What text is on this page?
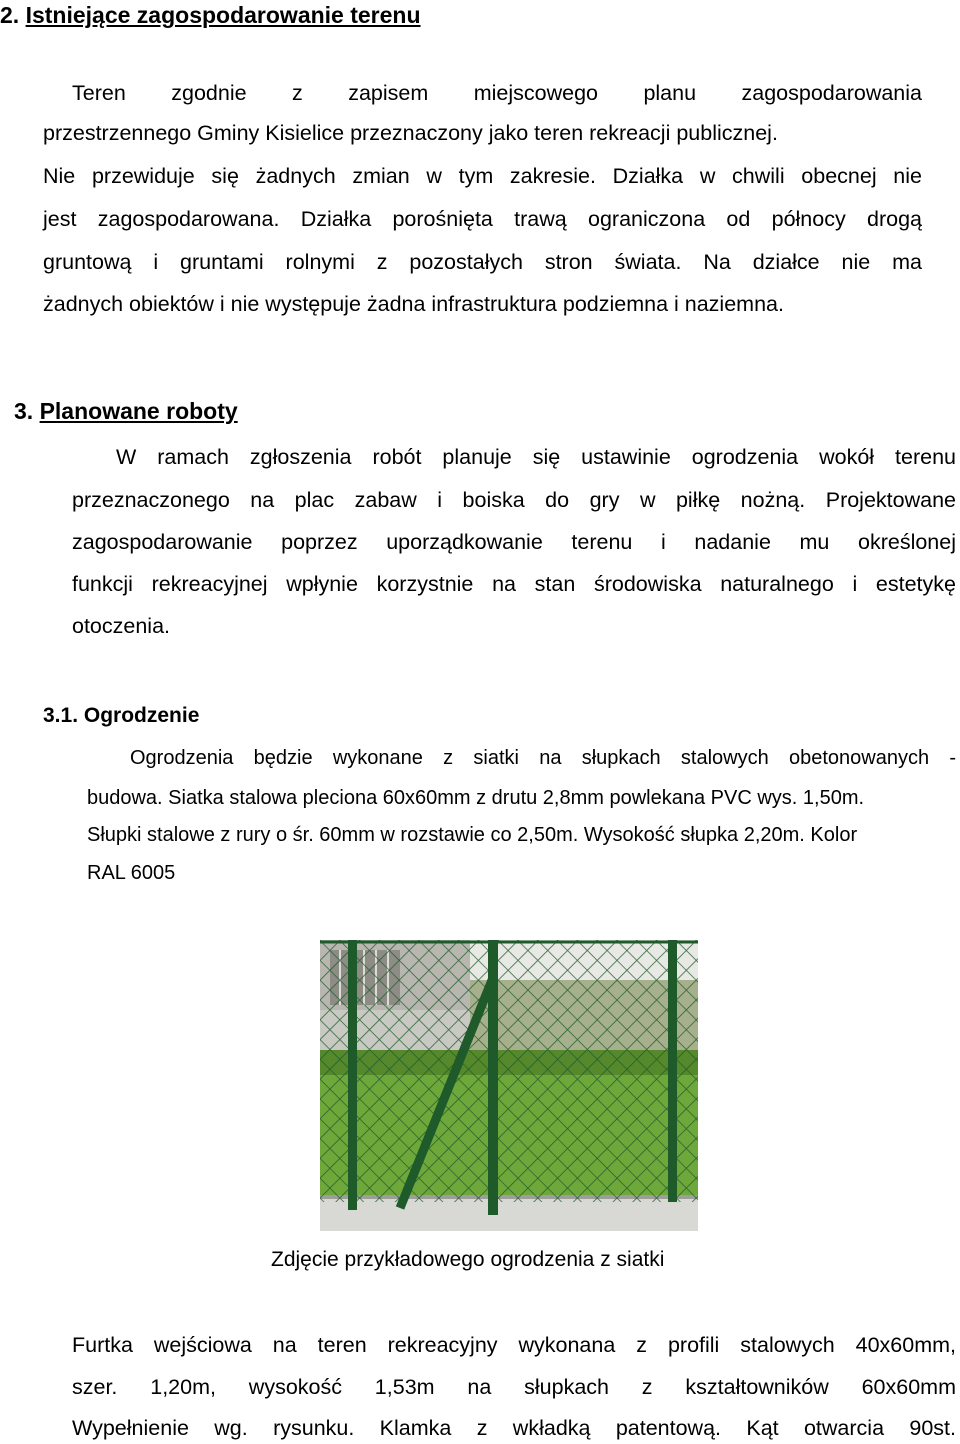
2. Istniejące zagospodarowanie terenu
Teren zgodnie z zapisem miejscowego planu zagospodarowania
przestrzennego Gminy Kisielice przeznaczony jako teren rekreacji publicznej.
Nie przewiduje się żadnych zmian w tym zakresie. Działka w chwili obecnej nie
jest zagospodarowana. Działka porośnięta trawą ograniczona od północy drogą
gruntową i gruntami rolnymi z pozostałych stron świata. Na działce nie ma
żadnych obiektów i nie występuje żadna infrastruktura podziemna i naziemna.
3. Planowane roboty
W ramach zgłoszenia robót planuje się ustawinie ogrodzenia wokół terenu
przeznaczonego na plac zabaw i boiska do gry w piłkę nożną. Projektowane
zagospodarowanie poprzez uporządkowanie terenu i nadanie mu określonej
funkcji rekreacyjnej wpłynie korzystnie na stan środowiska naturalnego i estetykę
otoczenia.
3.1. Ogrodzenie
Ogrodzenia będzie wykonane z siatki na słupkach stalowych obetonowanych -
budowa. Siatka stalowa pleciona 60x60mm z drutu 2,8mm powlekana PVC wys. 1,50m.
Słupki stalowe z rury o śr. 60mm w rozstawie co 2,50m. Wysokość słupka 2,20m. Kolor
RAL 6005
Zdjęcie przykładowego ogrodzenia z siatki
Furtka wejściowa na teren rekreacyjny wykonana z profili stalowych 40x60mm,
szer. 1,20m, wysokość 1,53m na słupkach z kształtowników 60x60mm
Wypełnienie wg. rysunku. Klamka z wkładką patentową. Kąt otwarcia 90st.
